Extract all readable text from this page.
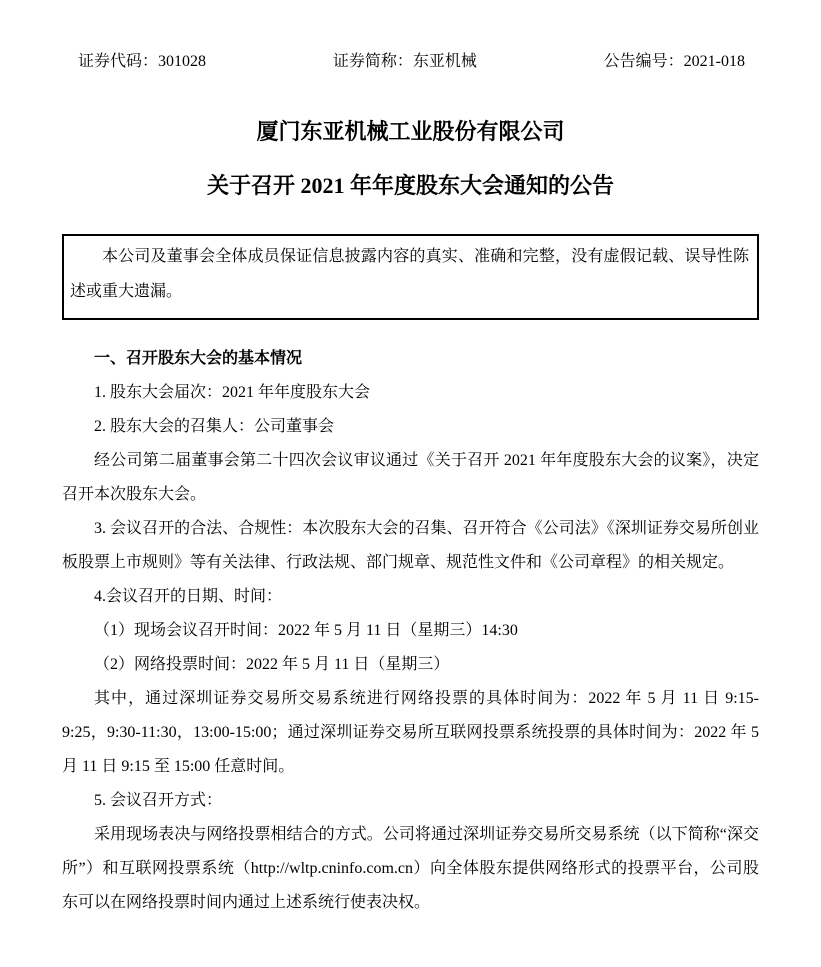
证券代码：301028	证券简称：东亚机械	公告编号：2021-018
厦门东亚机械工业股份有限公司
关于召开 2021 年年度股东大会通知的公告

本公司及董事会全体成员保证信息披露内容的真实、准确和完整，没有虚假记载、误导性陈述或重大遗漏。

一、召开股东大会的基本情况

1. 股东大会届次：2021 年年度股东大会

2. 股东大会的召集人：公司董事会

经公司第二届董事会第二十四次会议审议通过《关于召开 2021 年年度股东大会的议案》，决定召开本次股东大会。

3. 会议召开的合法、合规性：本次股东大会的召集、召开符合《公司法》《深圳证券交易所创业板股票上市规则》等有关法律、行政法规、部门规章、规范性文件和《公司章程》的相关规定。

4.会议召开的日期、时间：

（1）现场会议召开时间：2022 年 5 月 11 日（星期三）14:30

（2）网络投票时间：2022 年 5 月 11 日（星期三）

其中，通过深圳证券交易所交易系统进行网络投票的具体时间为：2022 年 5 月 11 日 9:15-9:25，9:30-11:30，13:00-15:00；通过深圳证券交易所互联网投票系统投票的具体时间为：2022 年 5 月 11 日 9:15 至 15:00 任意时间。

5. 会议召开方式：

采用现场表决与网络投票相结合的方式。公司将通过深圳证券交易所交易系统（以下简称“深交所”）和互联网投票系统（http://wltp.cninfo.com.cn）向全体股东提供网络形式的投票平台，公司股东可以在网络投票时间内通过上述系统行使表决权。
